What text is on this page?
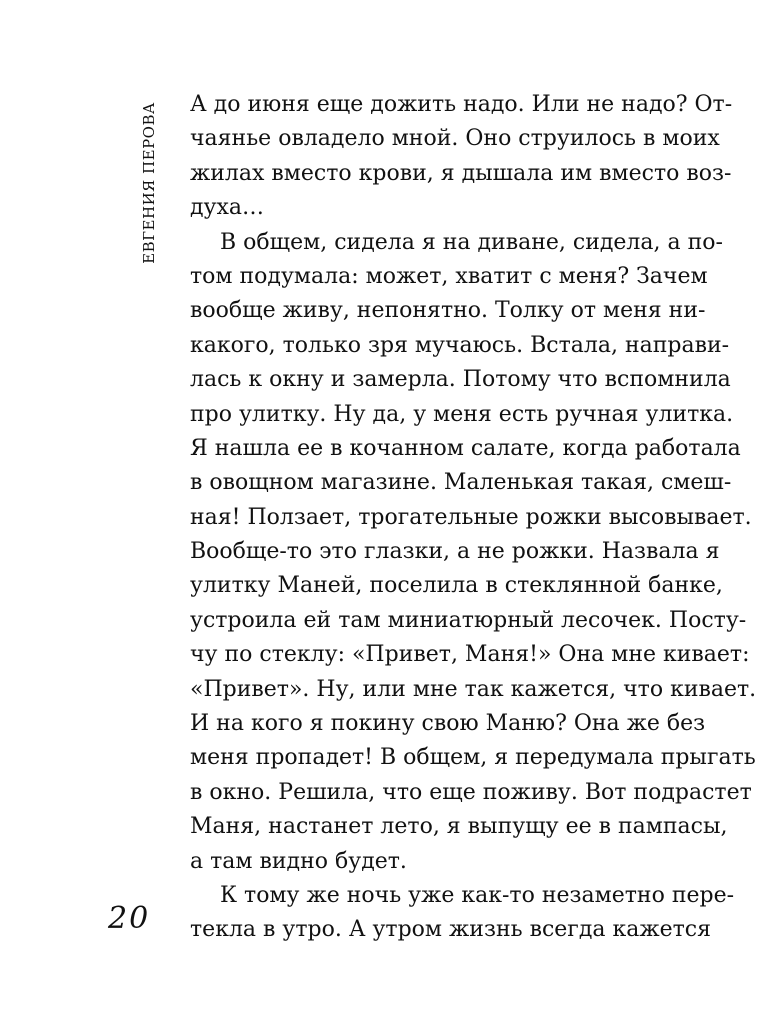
ЕВГЕНИЯ ПЕРОВА А до июня еще дожить надо. Или не надо? От-
чаянье овладело мной. Оно струилось в моих
жилах вместо крови, я дышала им вместо воз-
духа…
В общем, сидела я на диване, сидела, а по-
том подумала: может, хватит с меня? Зачем
вообще живу, непонятно. Толку от меня ни-
какого, только зря мучаюсь. Встала, направи-
лась к окну и замерла. Потому что вспомнила
про улитку. Ну да, у меня есть ручная улитка.
Я нашла ее в кочанном салате, когда работала
в овощном магазине. Маленькая такая, смеш-
ная! Ползает, трогательные рожки высовывает.
Вообще-то это глазки, а не рожки. Назвала я
улитку Маней, поселила в стеклянной банке,
устроила ей там миниатюрный лесочек. Посту-
чу по стеклу: «Привет, Маня!» Она мне кивает:
«Привет». Ну, или мне так кажется, что кивает.
И на кого я покину свою Маню? Она же без
меня пропадет! В общем, я передумала прыгать
в окно. Решила, что еще поживу. Вот подрастет
Маня, настанет лето, я выпущу ее в пампасы,
а там видно будет.
К тому же ночь уже как-то незаметно пере-
текла в утро. А утром жизнь всегда кажется
20
